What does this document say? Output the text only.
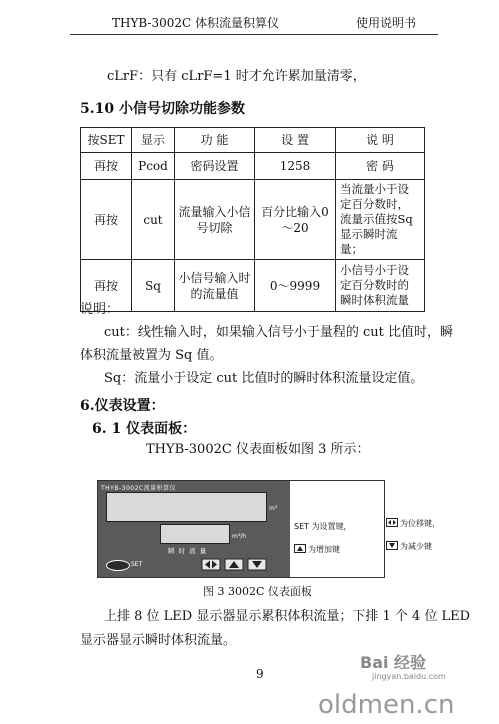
THYB-3002C 体积流量积算仪	使用说明书
cLrF：只有 cLrF=1 时才允许累加量清零，
5.10 小信号切除功能参数
按SET	显示	功 能	设 置	说 明
再按	Pcod	密码设置	1258	密 码
再按	cut	流量输入小信号切除	百分比输入0～20	当流量小于设定百分数时，流量示值按Sq显示瞬时流量；
再按	Sq	小信号输入时的流量值	0～9999	小信号小于设定百分数时的瞬时体积流量
说明：
cut：线性输入时，如果输入信号小于量程的 cut 比值时，瞬
体积流量被置为 Sq 值。
Sq：流量小于设定 cut 比值时的瞬时体积流量设定值。
6.仪表设置：
6. 1 仪表面板：
THYB-3002C 仪表面板如图 3 所示：
THYB-3002C流量积算仪
m³
m³/h
瞬 时 流 量
SET
SET 为设置键，
为增加键
为位移键，
为减少键
图 3 3002C 仪表面板
上排 8 位 LED 显示器显示累积体积流量；下排 1 个 4 位 LED
显示器显示瞬时体积流量。
9
Bai 经验
jingyan.baidu.com
oldmen.cn
